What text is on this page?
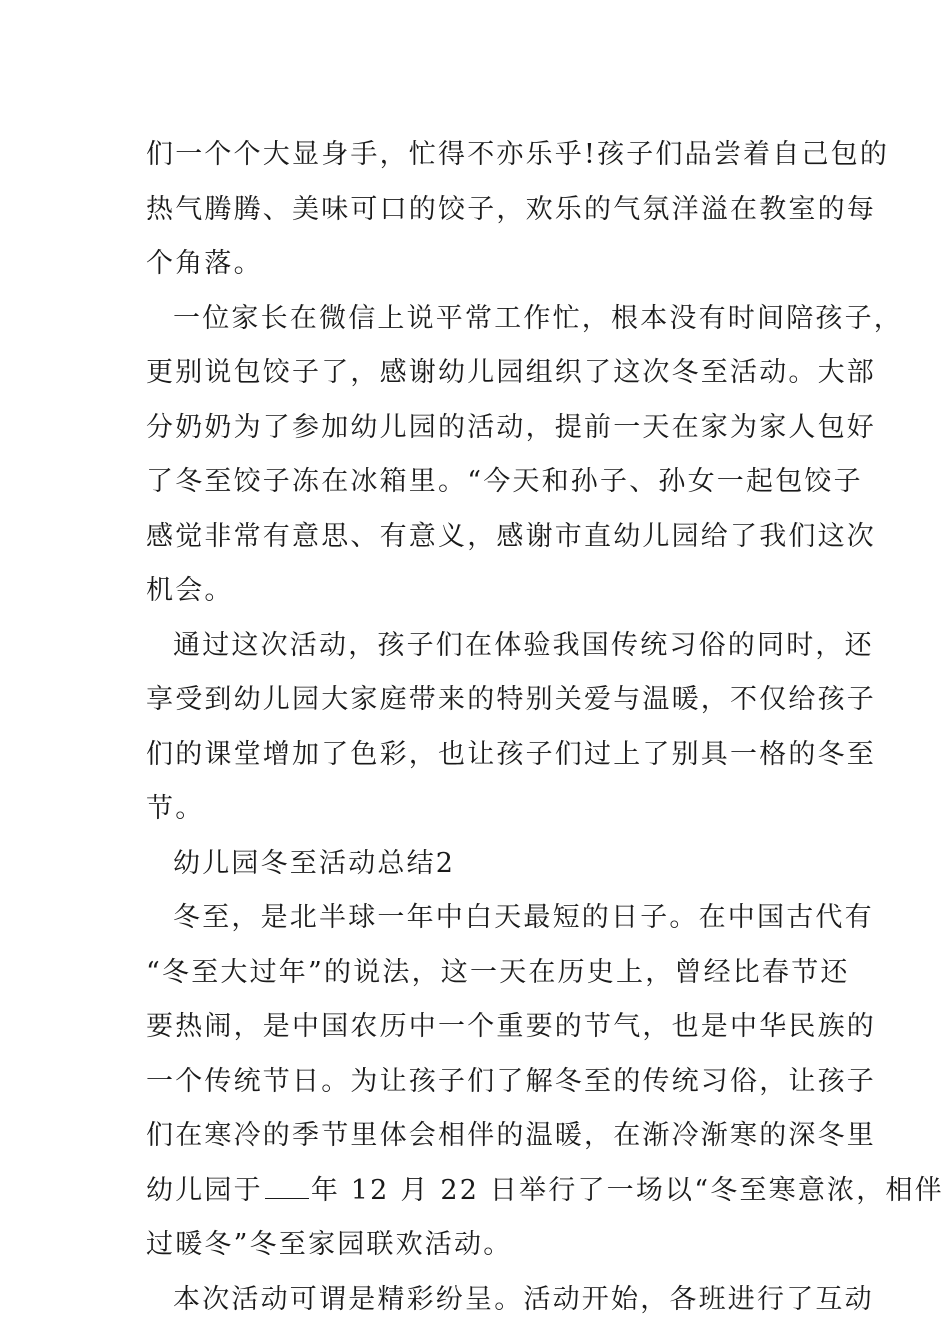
们一个个大显身手，忙得不亦乐乎!孩子们品尝着自己包的
热气腾腾、美味可口的饺子，欢乐的气氛洋溢在教室的每
个角落。
一位家长在微信上说平常工作忙，根本没有时间陪孩子，
更别说包饺子了，感谢幼儿园组织了这次冬至活动。大部
分奶奶为了参加幼儿园的活动，提前一天在家为家人包好
了冬至饺子冻在冰箱里。“今天和孙子、孙女一起包饺子
感觉非常有意思、有意义，感谢市直幼儿园给了我们这次
机会。
通过这次活动，孩子们在体验我国传统习俗的同时，还
享受到幼儿园大家庭带来的特别关爱与温暖，不仅给孩子
们的课堂增加了色彩，也让孩子们过上了别具一格的冬至
节。
幼儿园冬至活动总结2
冬至，是北半球一年中白天最短的日子。在中国古代有
“冬至大过年”的说法，这一天在历史上，曾经比春节还
要热闹，是中国农历中一个重要的节气，也是中华民族的
一个传统节日。为让孩子们了解冬至的传统习俗，让孩子
们在寒冷的季节里体会相伴的温暖，在渐冷渐寒的深冬里
幼儿园于 年 12 月 22 日举行了一场以“冬至寒意浓，相伴
过暖冬”冬至家园联欢活动。
本次活动可谓是精彩纷呈。活动开始，各班进行了互动
